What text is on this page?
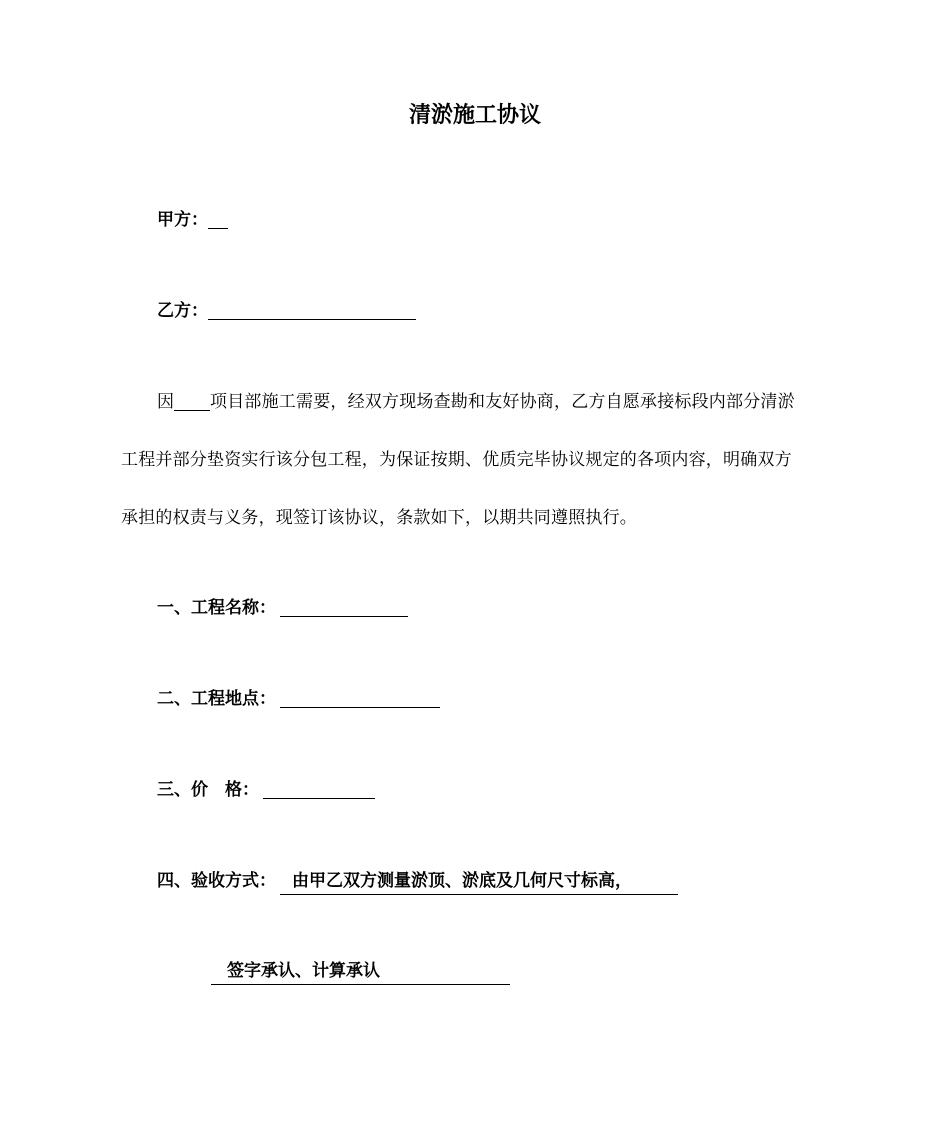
清淤施工协议
甲方：
乙方：
因 项目部施工需要，经双方现场查勘和友好协商，乙方自愿承接标段内部分清淤
工程并部分垫资实行该分包工程，为保证按期、优质完毕协议规定的各项内容，明确双方
承担的权责与义务，现签订该协议，条款如下，以期共同遵照执行。
一、工程名称：
二、工程地点：
三、价　格：
四、验收方式： 由甲乙双方测量淤顶、淤底及几何尺寸标高，
签字承认、计算承认
